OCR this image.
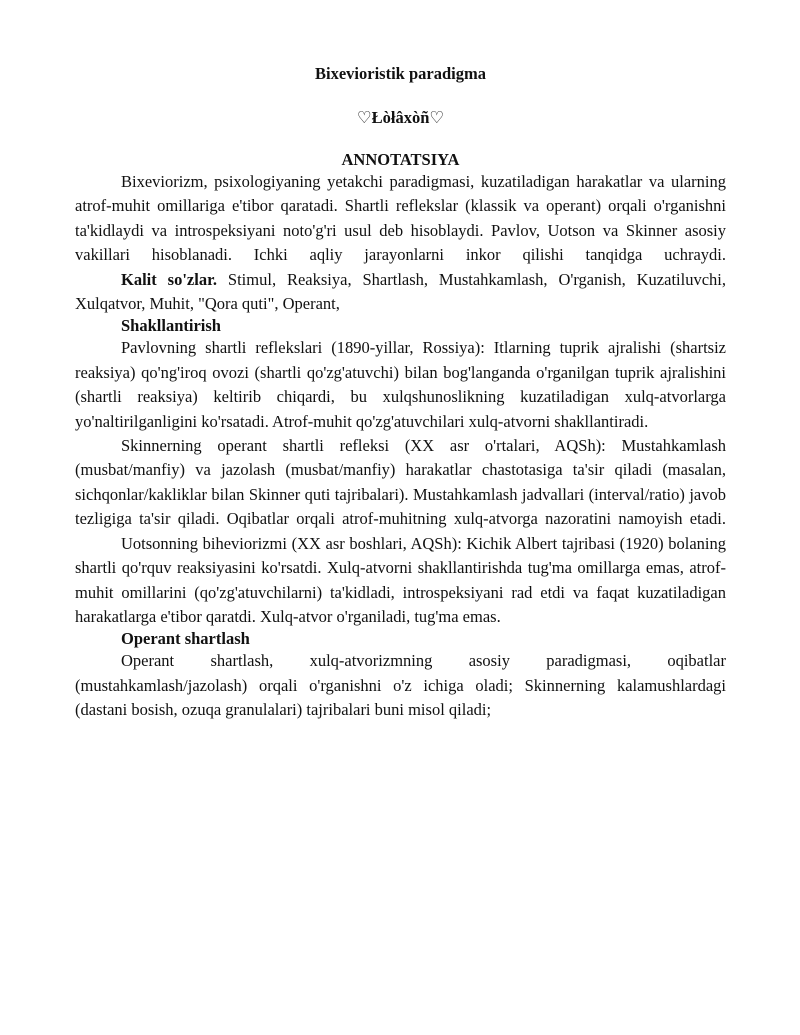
Bixevioristik paradigma

♡Łòłâxòñ♡

ANNOTATSIYA

Bixeviorizm, psixologiyaning yetakchi paradigmasi, kuzatiladigan harakatlar va ularning atrof-muhit omillariga e'tibor qaratadi. Shartli reflekslar (klassik va operant) orqali o'rganishni ta'kidlaydi va introspeksiyani noto'g'ri usul deb hisoblaydi. Pavlov, Uotson va Skinner asosiy vakillari hisoblanadi. Ichki aqliy jarayonlarni inkor qilishi tanqidga uchraydi.

Kalit so'zlar. Stimul, Reaksiya, Shartlash, Mustahkamlash, O'rganish, Kuzatiluvchi, Xulqatvor, Muhit, "Qora quti", Operant,

Shakllantirish

Pavlovning shartli reflekslari (1890-yillar, Rossiya): Itlarning tuprik ajralishi (shartsiz reaksiya) qo'ng'iroq ovozi (shartli qo'zg'atuvchi) bilan bog'langanda o'rganilgan tuprik ajralishini (shartli reaksiya) keltirib chiqardi, bu xulqshunoslikning kuzatiladigan xulq-atvorlarga yo'naltirilganligini ko'rsatadi. Atrof-muhit qo'zg'atuvchilari xulq-atvorni shakllantiradi.

Skinnerning operant shartli refleksi (XX asr o'rtalari, AQSh): Mustahkamlash (musbat/manfiy) va jazolash (musbat/manfiy) harakatlar chastotasiga ta'sir qiladi (masalan, sichqonlar/kakliklar bilan Skinner quti tajribalari). Mustahkamlash jadvallari (interval/ratio) javob tezligiga ta'sir qiladi. Oqibatlar orqali atrof-muhitning xulq-atvorga nazoratini namoyish etadi.

Uotsonning biheviorizmi (XX asr boshlari, AQSh): Kichik Albert tajribasi (1920) bolaning shartli qo'rquv reaksiyasini ko'rsatdi. Xulq-atvorni shakllantirishda tug'ma omillarga emas, atrof-muhit omillarini (qo'zg'atuvchilarni) ta'kidladi, introspeksiyani rad etdi va faqat kuzatiladigan harakatlarga e'tibor qaratdi. Xulq-atvor o'rganiladi, tug'ma emas.

Operant shartlash

Operant shartlash, xulq-atvorizmning asosiy paradigmasi, oqibatlar (mustahkamlash/jazolash) orqali o'rganishni o'z ichiga oladi; Skinnerning kalamushlardagi (dastani bosish, ozuqa granulalari) tajribalari buni misol qiladi;
